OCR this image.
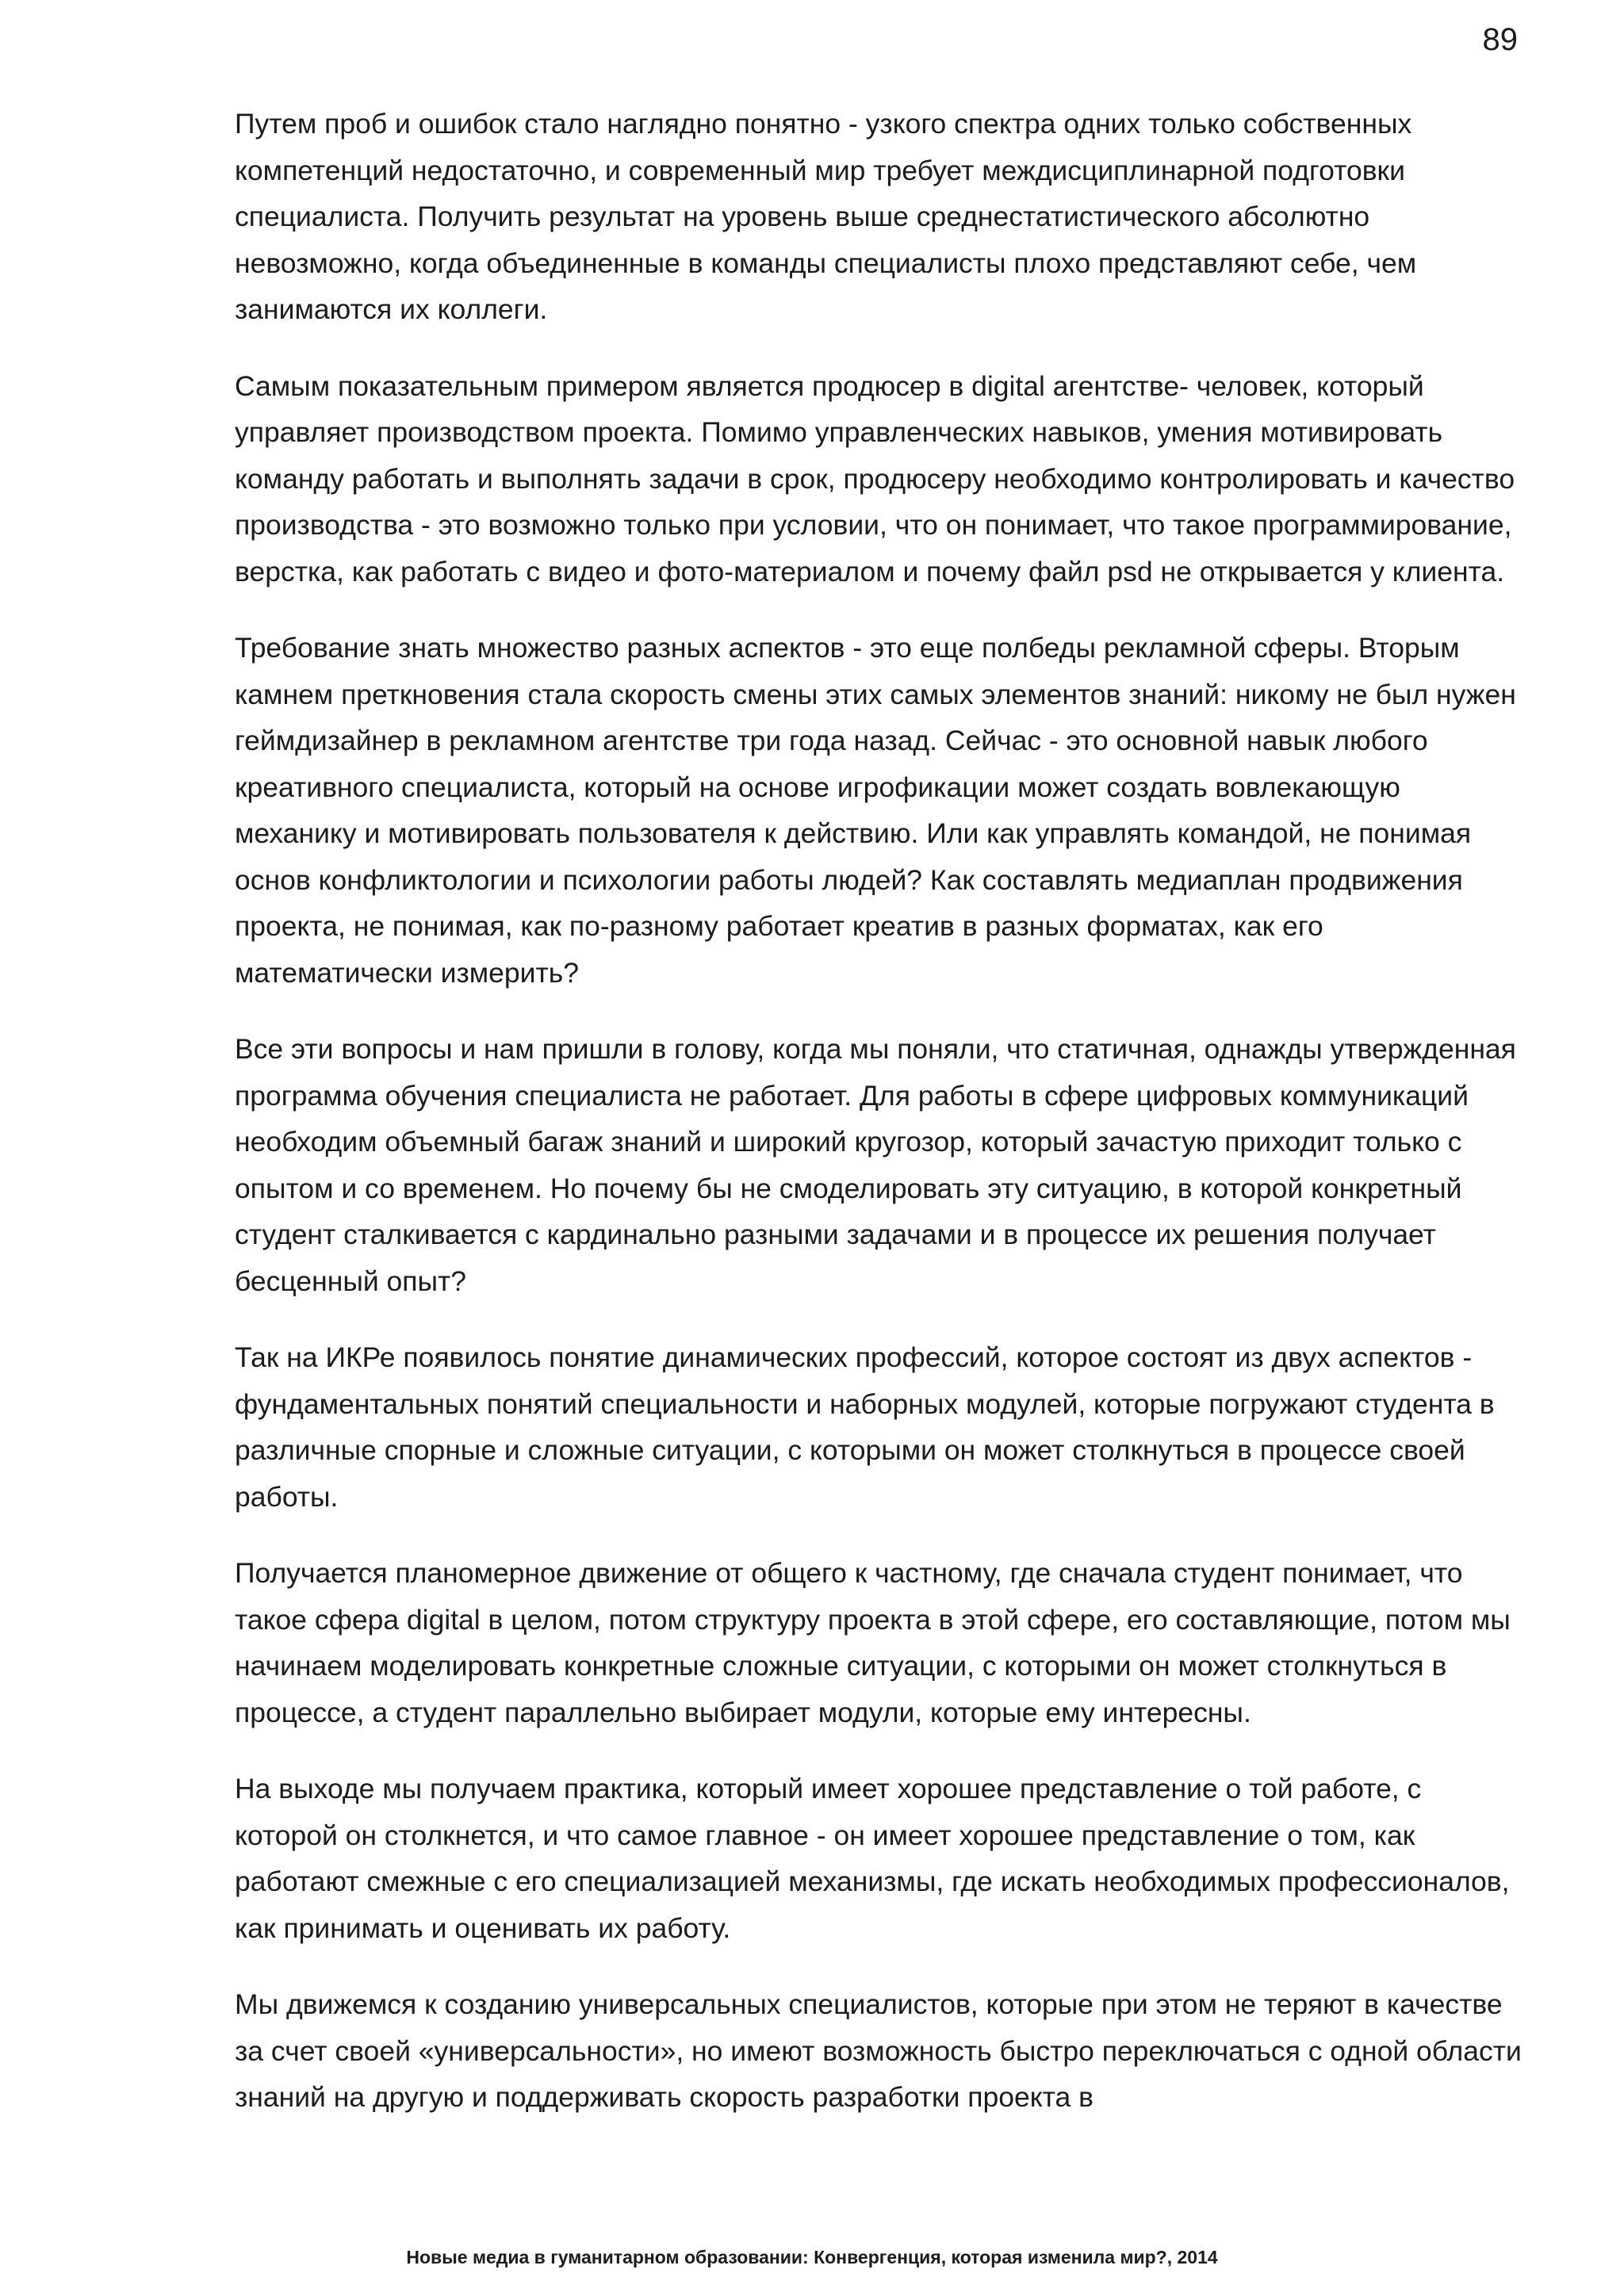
89

Путем проб и ошибок стало наглядно понятно - узкого спектра одних только собственных компетенций недостаточно, и современный мир требует междисциплинарной подготовки специалиста. Получить результат на уровень выше среднестатистического абсолютно невозможно, когда объединенные в команды специалисты плохо представляют себе, чем занимаются их коллеги.

Самым показательным примером является продюсер в digital агентстве- человек, который управляет производством проекта. Помимо управленческих навыков, умения мотивировать команду работать и выполнять задачи в срок, продюсеру необходимо контролировать и качество производства - это возможно только при условии, что он понимает, что такое программирование, верстка, как работать с видео и фото-материалом и почему файл psd не открывается у клиента.

Требование знать множество разных аспектов - это еще полбеды рекламной сферы. Вторым камнем преткновения стала скорость смены этих самых элементов знаний: никому не был нужен геймдизайнер в рекламном агентстве три года назад. Сейчас - это основной навык любого креативного специалиста, который на основе игрофикации может создать вовлекающую механику и мотивировать пользователя к действию. Или как управлять командой, не понимая основ конфликтологии и психологии работы людей? Как составлять медиаплан продвижения проекта, не понимая, как по-разному работает креатив в разных форматах, как его математически измерить?

Все эти вопросы и нам пришли в голову, когда мы поняли, что статичная, однажды утвержденная программа обучения специалиста не работает. Для работы в сфере цифровых коммуникаций необходим объемный багаж знаний и широкий кругозор, который зачастую приходит только с опытом и со временем. Но почему бы не смоделировать эту ситуацию, в которой конкретный студент сталкивается с кардинально разными задачами и в процессе их решения получает бесценный опыт?

Так на ИКРе появилось понятие динамических профессий, которое состоят из двух аспектов - фундаментальных понятий специальности и наборных модулей, которые погружают студента в различные спорные и сложные ситуации, с которыми он может столкнуться в процессе своей работы.

Получается планомерное движение от общего к частному, где сначала студент понимает, что такое сфера digital в целом, потом структуру проекта в этой сфере, его составляющие, потом мы начинаем моделировать конкретные сложные ситуации, с которыми он может столкнуться в процессе, а студент параллельно выбирает модули, которые ему интересны.

На выходе мы получаем практика, который имеет хорошее представление о той работе, с которой он столкнется, и что самое главное - он имеет хорошее представление о том, как работают смежные с его специализацией механизмы, где искать необходимых профессионалов, как принимать и оценивать их работу.

Мы движемся к созданию универсальных специалистов, которые при этом не теряют в качестве за счет своей «универсальности», но имеют возможность быстро переключаться с одной области знаний на другую и поддерживать скорость разработки проекта в

Новые медиа в гуманитарном образовании: Конвергенция, которая изменила мир?, 2014
